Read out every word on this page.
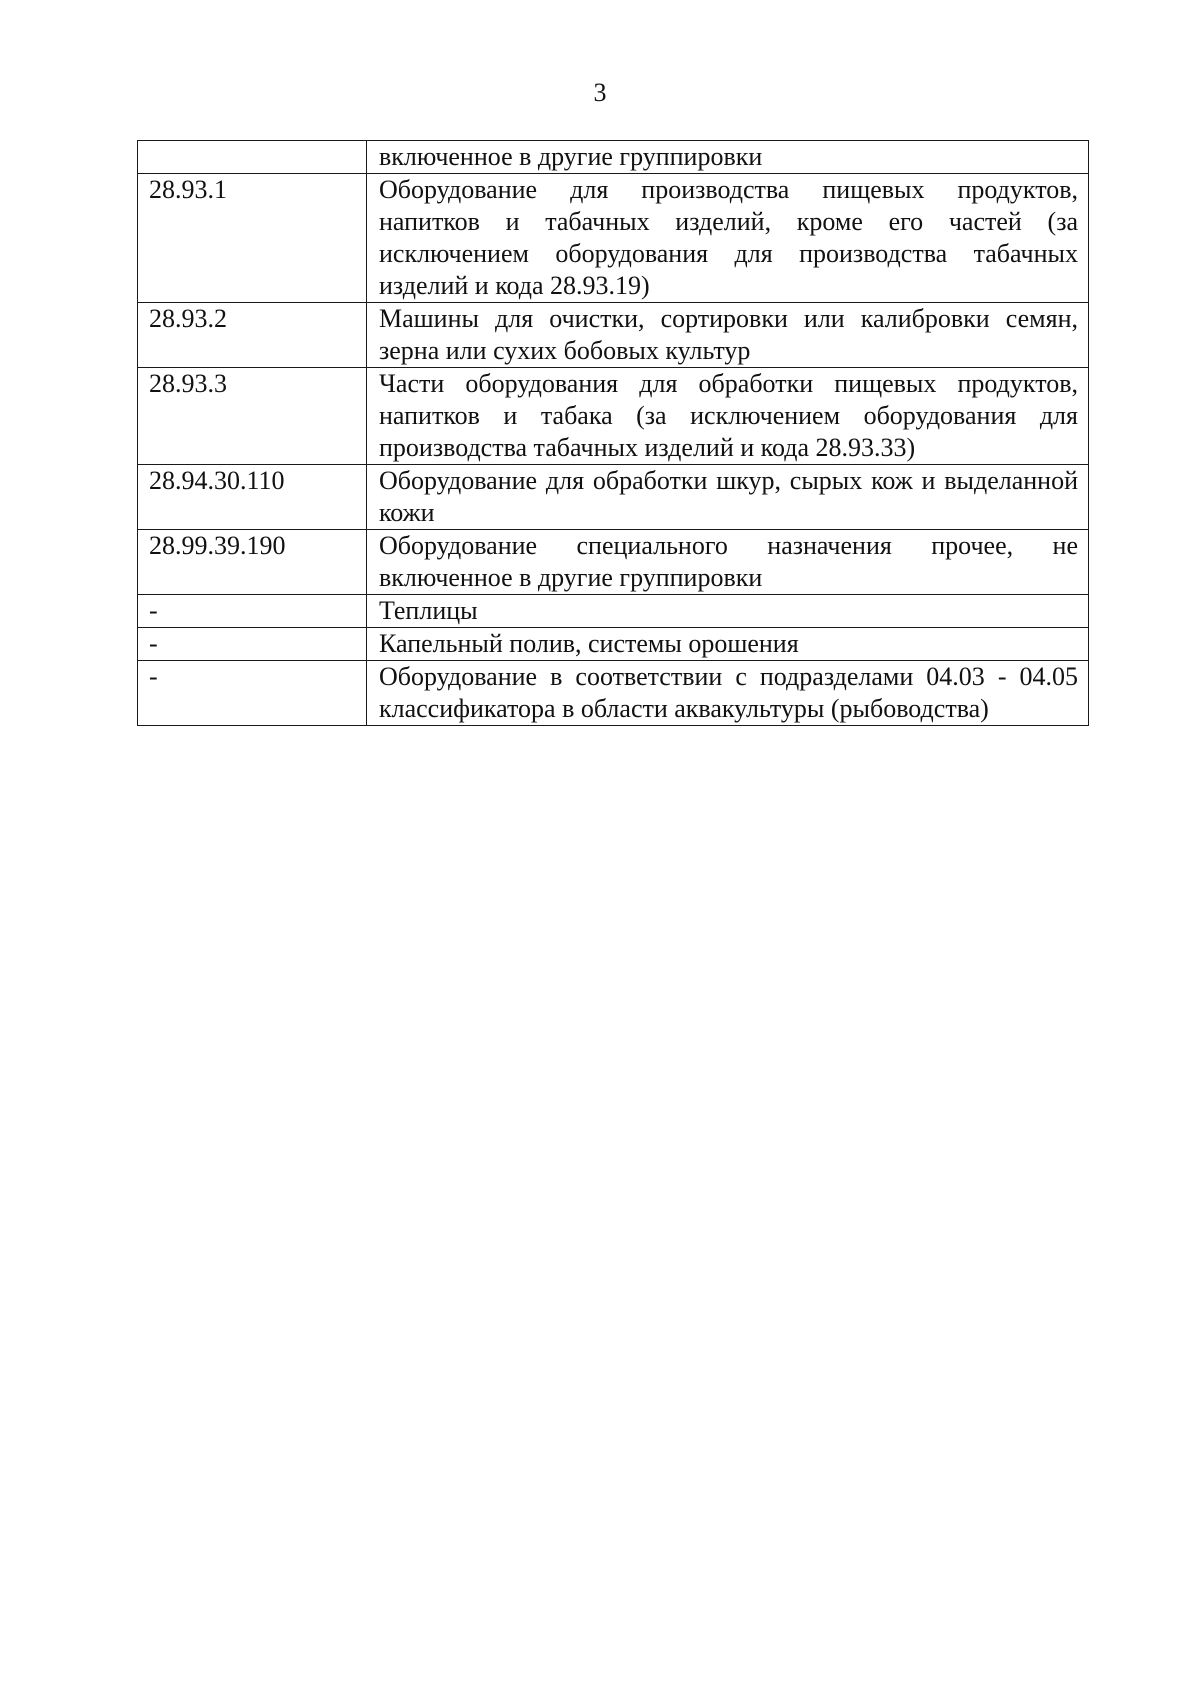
3
	включенное в другие группировки
28.93.1	Оборудование для производства пищевых продуктов, напитков и табачных изделий, кроме его частей (за исключением оборудования для производства табачных изделий и кода 28.93.19)
28.93.2	Машины для очистки, сортировки или калибровки семян, зерна или сухих бобовых культур
28.93.3	Части оборудования для обработки пищевых продуктов, напитков и табака (за исключением оборудования для производства табачных изделий и кода 28.93.33)
28.94.30.110	Оборудование для обработки шкур, сырых кож и выделанной кожи
28.99.39.190	Оборудование специального назначения прочее, не включенное в другие группировки
-	Теплицы
-	Капельный полив, системы орошения
-	Оборудование в соответствии с подразделами 04.03 - 04.05 классификатора в области аквакультуры (рыбоводства)
